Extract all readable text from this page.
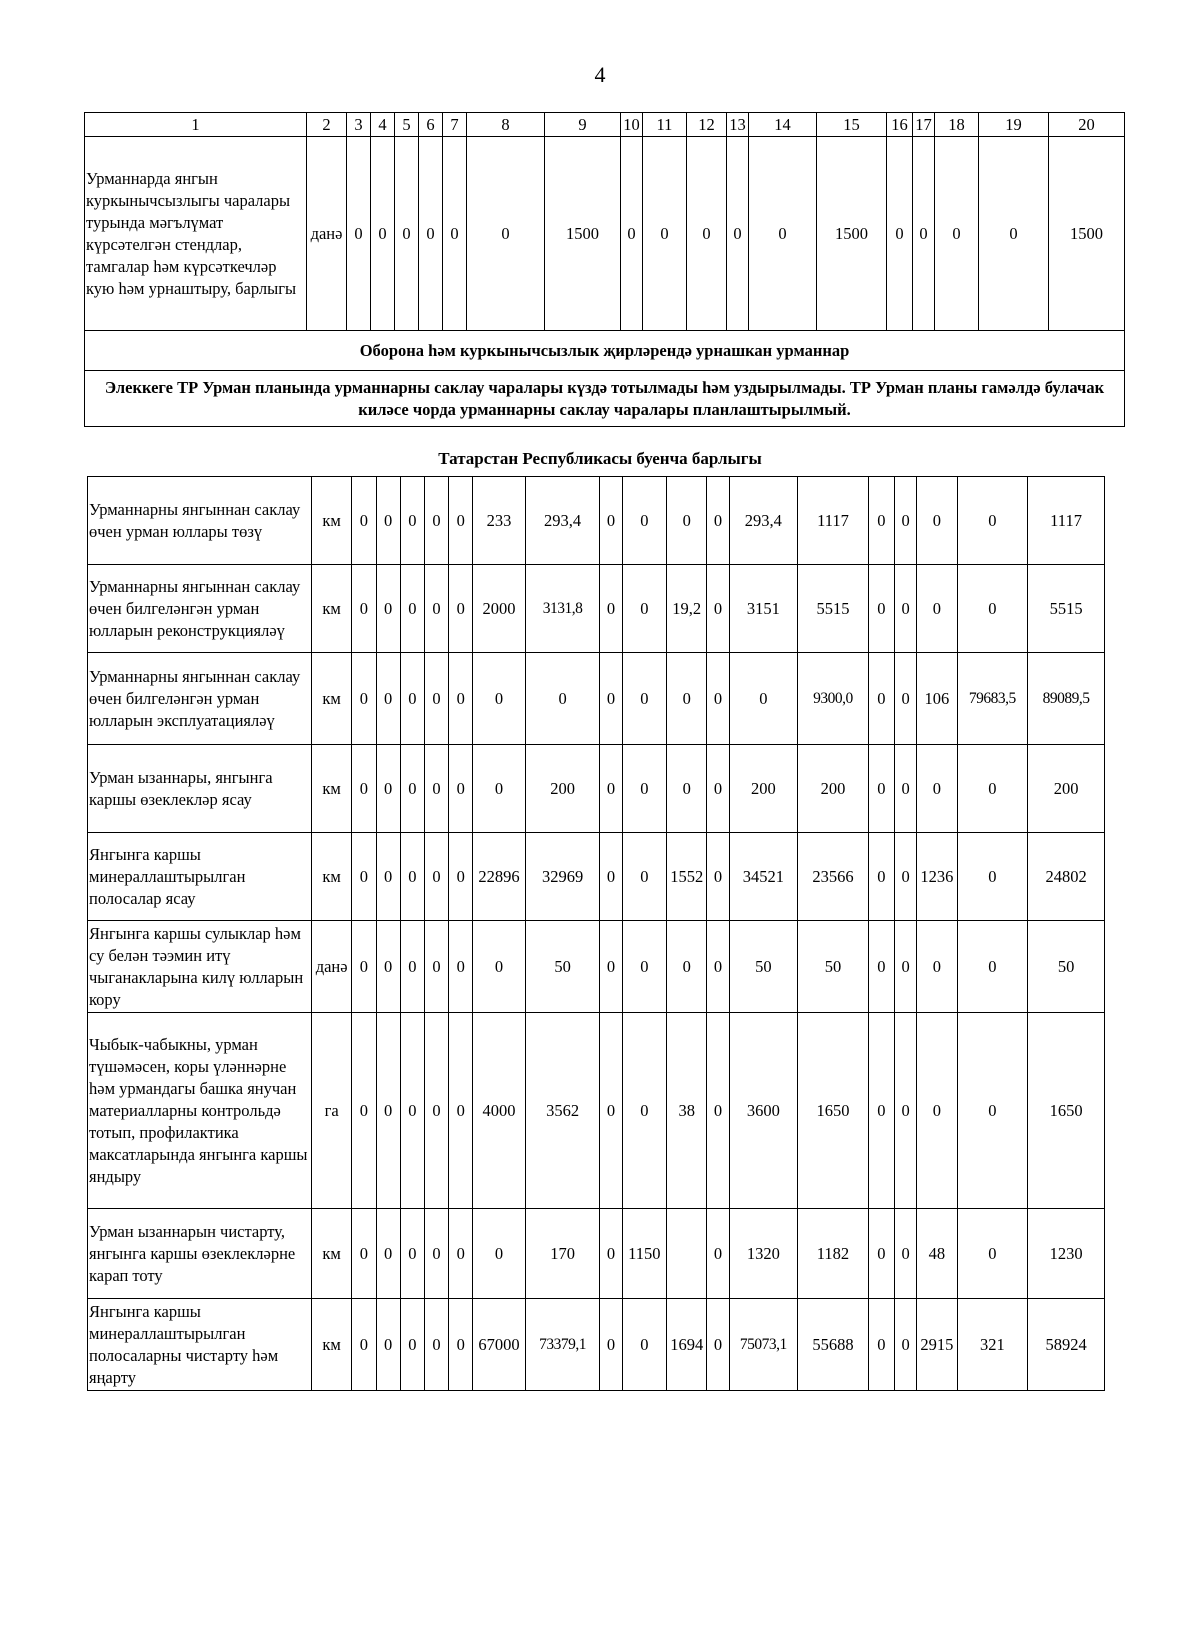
4
1	2	3	4	5	6	7	8	9	10	11	12	13	14	15	16	17	18	19	20
Урманнарда янгын куркынычсызлыгы чаралары турында мәгълүмат күрсәтелгән стендлар, тамгалар һәм күрсәткечләр кую һәм урнаштыру, барлыгы	данә	0	0	0	0	0	0	1500	0	0	0	0	0	1500	0	0	0	0	1500
Оборона һәм куркынычсызлык җирләрендә урнашкан урманнар																			
Элеккеге ТР Урман планында урманнарны саклау чаралары күздә тотылмады һәм уздырылмады. ТР Урман планы гамәлдә булачак киләсе чорда урманнарны саклау чаралары планлаштырылмый.																			
Татарстан Республикасы буенча барлыгы
Урманнарны янгыннан саклау өчен урман юллары төзү	км	0	0	0	0	0	233	293,4	0	0	0	0	293,4	1117	0	0	0	0	1117
Урманнарны янгыннан саклау өчен билгеләнгән урман юлларын реконструкцияләү	км	0	0	0	0	0	2000	3131,8	0	0	19,2	0	3151	5515	0	0	0	0	5515
Урманнарны янгыннан саклау өчен билгеләнгән урман юлларын эксплуатацияләү	км	0	0	0	0	0	0	0	0	0	0	0	0	9300,0	0	0	106	79683,5	89089,5
Урман ызаннары, янгынга каршы өзеклекләр ясау	км	0	0	0	0	0	0	200	0	0	0	0	200	200	0	0	0	0	200
Янгынга каршы минераллаштырылган полосалар ясау	км	0	0	0	0	0	22896	32969	0	0	1552	0	34521	23566	0	0	1236	0	24802
Янгынга каршы сулыклар һәм су белән тәэмин итү чыганакларына килү юлларын кору	данә	0	0	0	0	0	0	50	0	0	0	0	50	50	0	0	0	0	50
Чыбык-чабыкны, урман түшәмәсен, коры үләннәрне һәм урмандагы башка янучан материалларны контрольдә тотып, профилактика максатларында янгынга каршы яндыру	га	0	0	0	0	0	4000	3562	0	0	38	0	3600	1650	0	0	0	0	1650
Урман ызаннарын чистарту, янгынга каршы өзеклекләрне карап тоту	км	0	0	0	0	0	0	170	0	1150		0	1320	1182	0	0	48	0	1230
Янгынга каршы минераллаштырылган полосаларны чистарту һәм яңарту	км	0	0	0	0	0	67000	73379,1	0	0	1694	0	75073,1	55688	0	0	2915	321	58924
